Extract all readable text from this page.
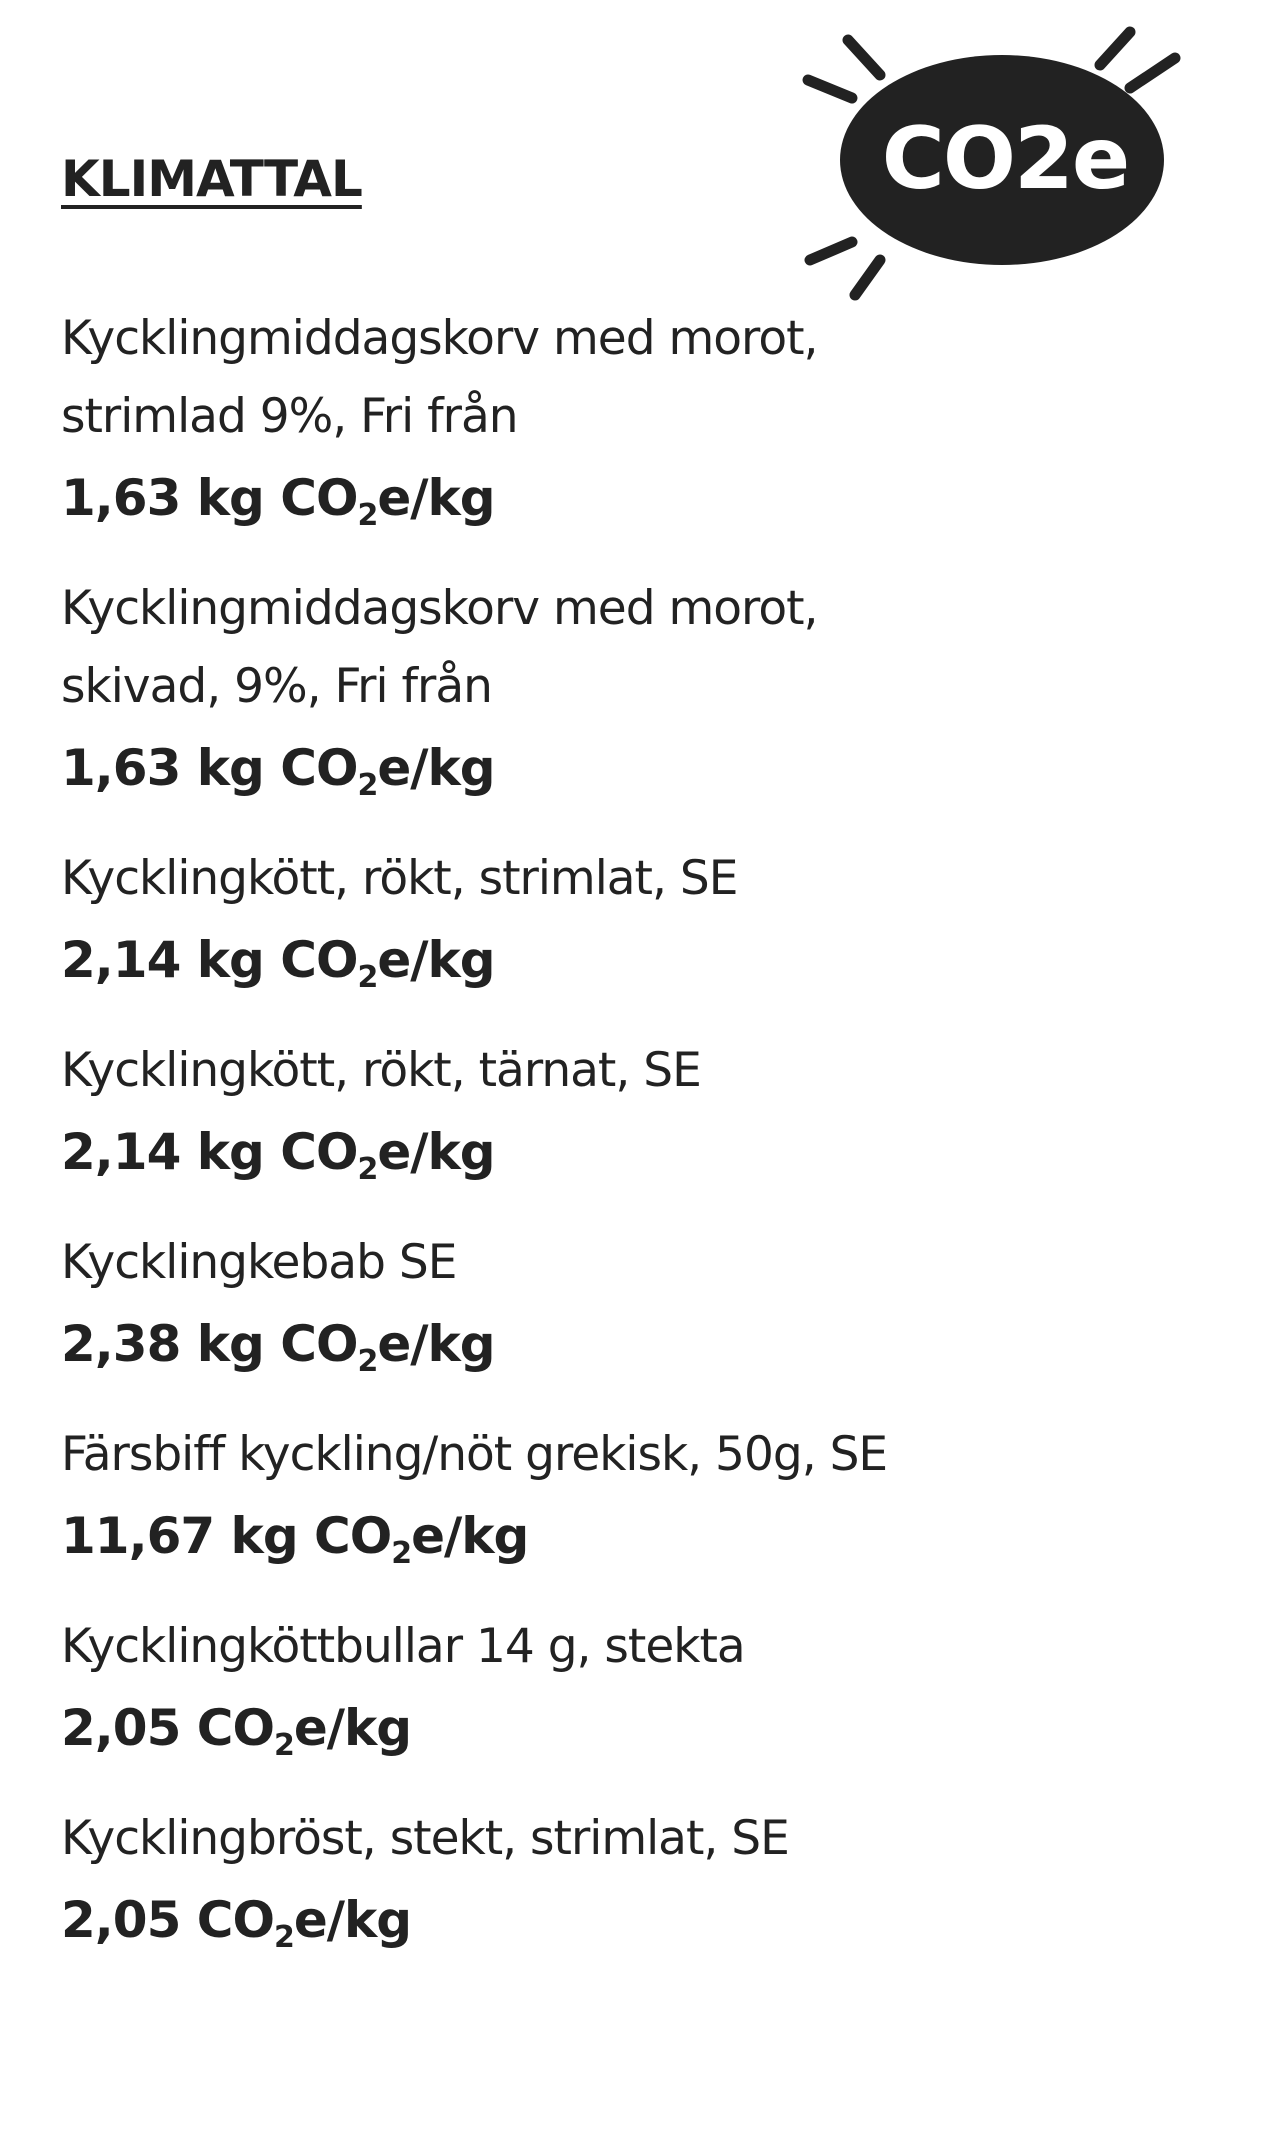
KLIMATTAL	CO2e
Kycklingmiddagskorv med morot, strimlad 9%, Fri från
1,63 kg $CO_2e/kg$
Kycklingmiddagskorv med morot, skivad, 9%, Fri från
1,63 kg $CO_2e/kg$
Kycklingkött, rökt, strimlat, SE
2,14 kg $CO_2e/kg$
Kycklingkött, rökt, tärnat, SE
2,14 kg $CO_2e/kg$
Kycklingkebab SE
2,38 kg $CO_2e/kg$
Färsbiff kyckling/nöt grekisk, 50g, SE
11,67 kg $CO_2e/kg$
Kycklingköttbullar 14 g, stekta
2,05 $CO_2e/kg$
Kycklingbröst, stekt, strimlat, SE
2,05 $CO_2e/kg$
